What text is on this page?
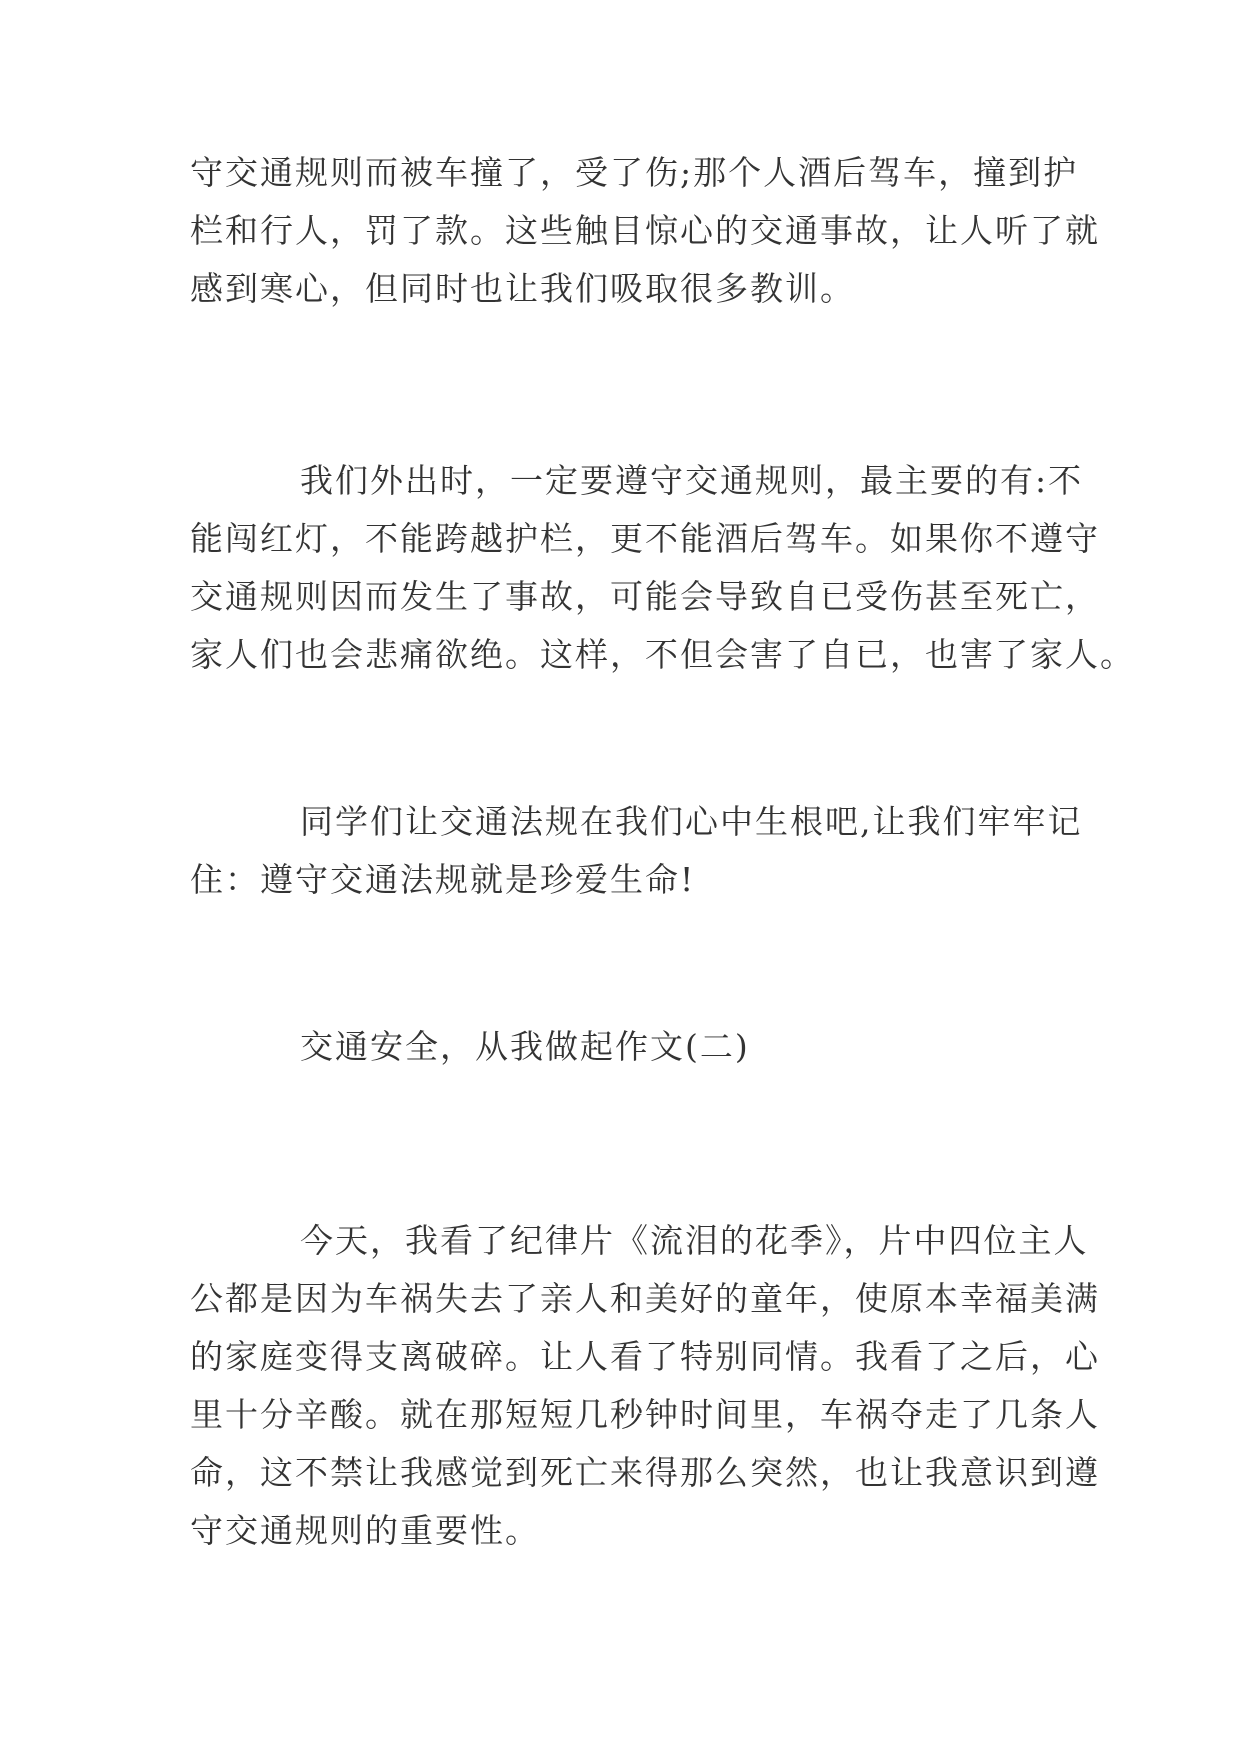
守交通规则而被车撞了，受了伤;那个人酒后驾车，撞到护
栏和行人，罚了款。这些触目惊心的交通事故，让人听了就
感到寒心，但同时也让我们吸取很多教训。

我们外出时，一定要遵守交通规则，最主要的有:不
能闯红灯，不能跨越护栏，更不能酒后驾车。如果你不遵守
交通规则因而发生了事故，可能会导致自已受伤甚至死亡，
家人们也会悲痛欲绝。这样，不但会害了自已，也害了家人。

同学们让交通法规在我们心中生根吧,让我们牢牢记
住：遵守交通法规就是珍爱生命!

交通安全，从我做起作文(二)

今天，我看了纪律片《流泪的花季》，片中四位主人
公都是因为车祸失去了亲人和美好的童年，使原本幸福美满
的家庭变得支离破碎。让人看了特别同情。我看了之后，心
里十分辛酸。就在那短短几秒钟时间里，车祸夺走了几条人
命，这不禁让我感觉到死亡来得那么突然，也让我意识到遵
守交通规则的重要性。
